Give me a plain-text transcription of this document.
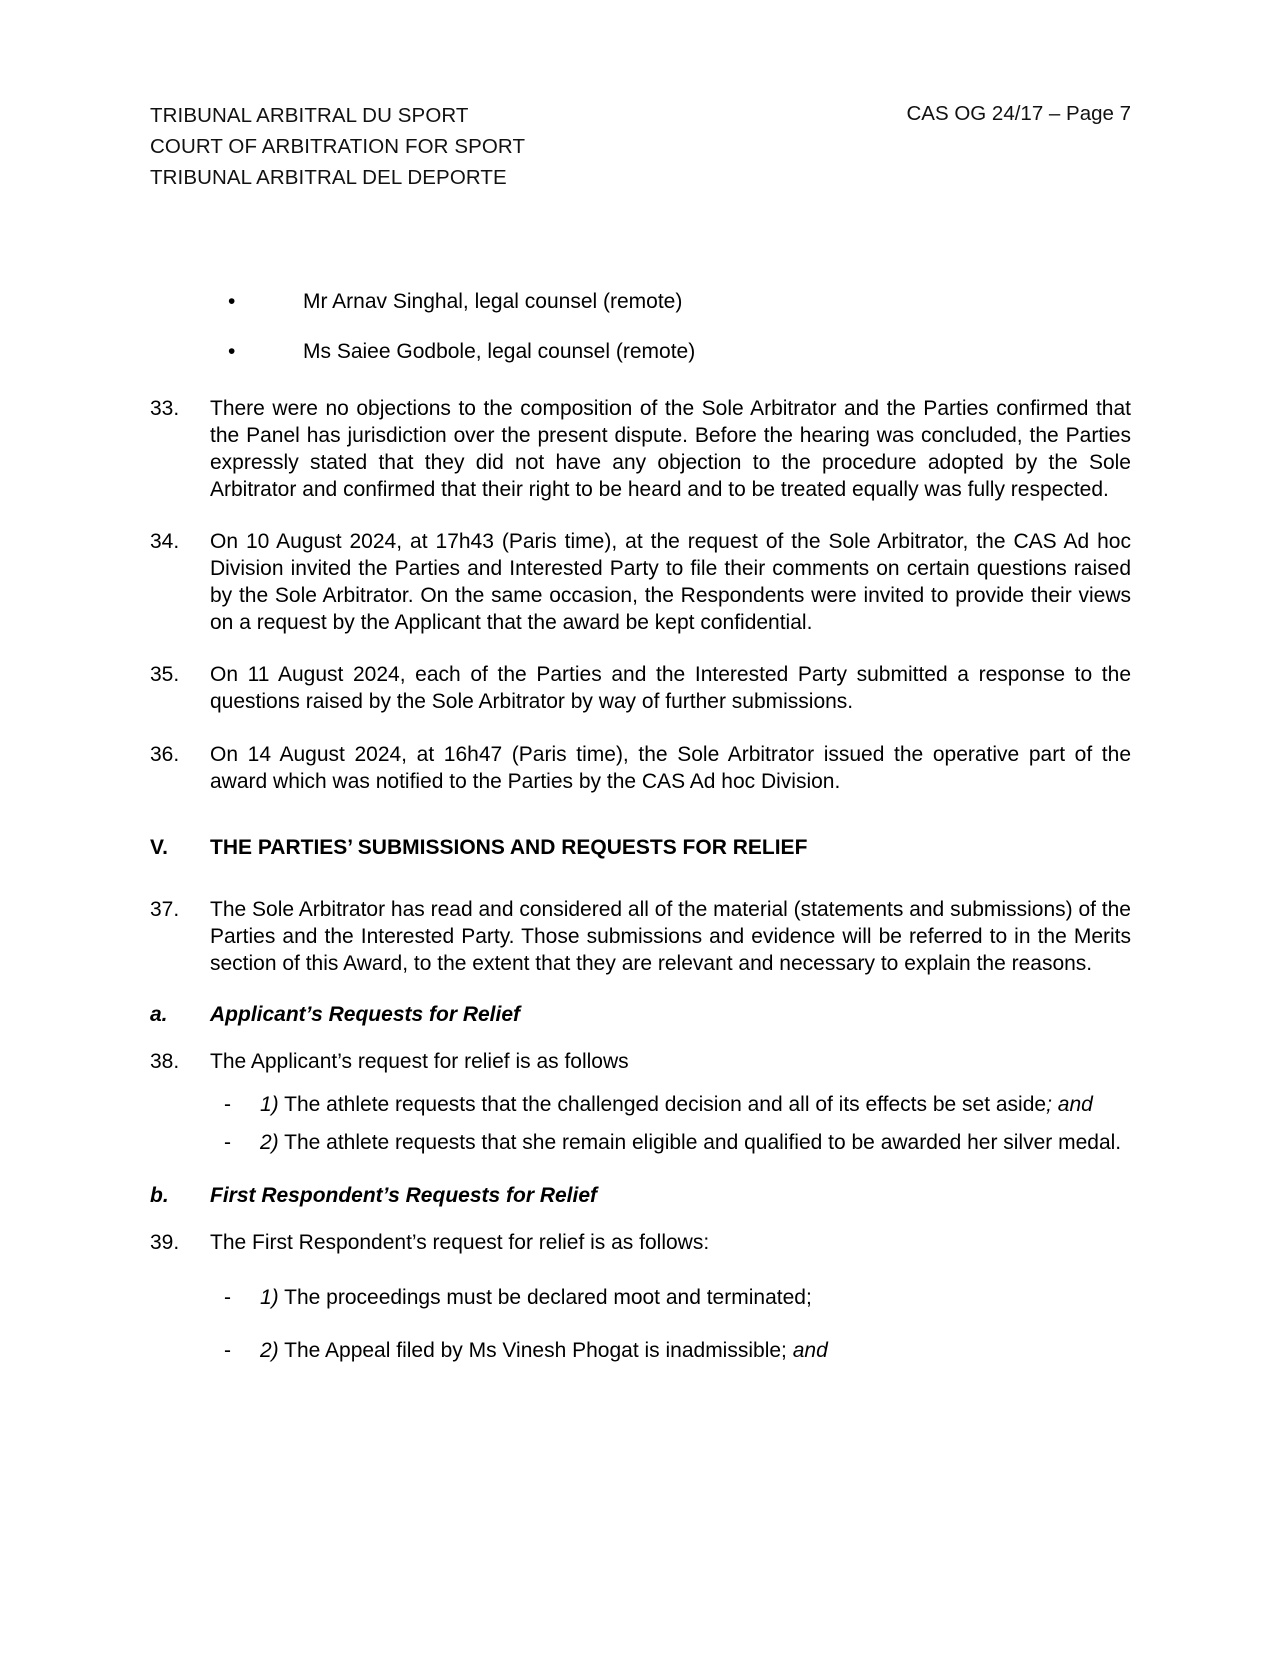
TRIBUNAL ARBITRAL DU SPORT
COURT OF ARBITRATION FOR SPORT
TRIBUNAL ARBITRAL DEL DEPORTE
CAS OG 24/17 – Page 7
•	Mr Arnav Singhal, legal counsel (remote)
•	Ms Saiee Godbole, legal counsel (remote)
33.	There were no objections to the composition of the Sole Arbitrator and the Parties confirmed that the Panel has jurisdiction over the present dispute. Before the hearing was concluded, the Parties expressly stated that they did not have any objection to the procedure adopted by the Sole Arbitrator and confirmed that their right to be heard and to be treated equally was fully respected.
34.	On 10 August 2024, at 17h43 (Paris time), at the request of the Sole Arbitrator, the CAS Ad hoc Division invited the Parties and Interested Party to file their comments on certain questions raised by the Sole Arbitrator. On the same occasion, the Respondents were invited to provide their views on a request by the Applicant that the award be kept confidential.
35.	On 11 August 2024, each of the Parties and the Interested Party submitted a response to the questions raised by the Sole Arbitrator by way of further submissions.
36.	On 14 August 2024, at 16h47 (Paris time), the Sole Arbitrator issued the operative part of the award which was notified to the Parties by the CAS Ad hoc Division.
V.	THE PARTIES’ SUBMISSIONS AND REQUESTS FOR RELIEF
37.	The Sole Arbitrator has read and considered all of the material (statements and submissions) of the Parties and the Interested Party. Those submissions and evidence will be referred to in the Merits section of this Award, to the extent that they are relevant and necessary to explain the reasons.
a.	Applicant’s Requests for Relief
38.	The Applicant’s request for relief is as follows
- 1) The athlete requests that the challenged decision and all of its effects be set aside; and
- 2) The athlete requests that she remain eligible and qualified to be awarded her silver medal.
b.	First Respondent’s Requests for Relief
39.	The First Respondent’s request for relief is as follows:
- 1) The proceedings must be declared moot and terminated;
- 2) The Appeal filed by Ms Vinesh Phogat is inadmissible; and
